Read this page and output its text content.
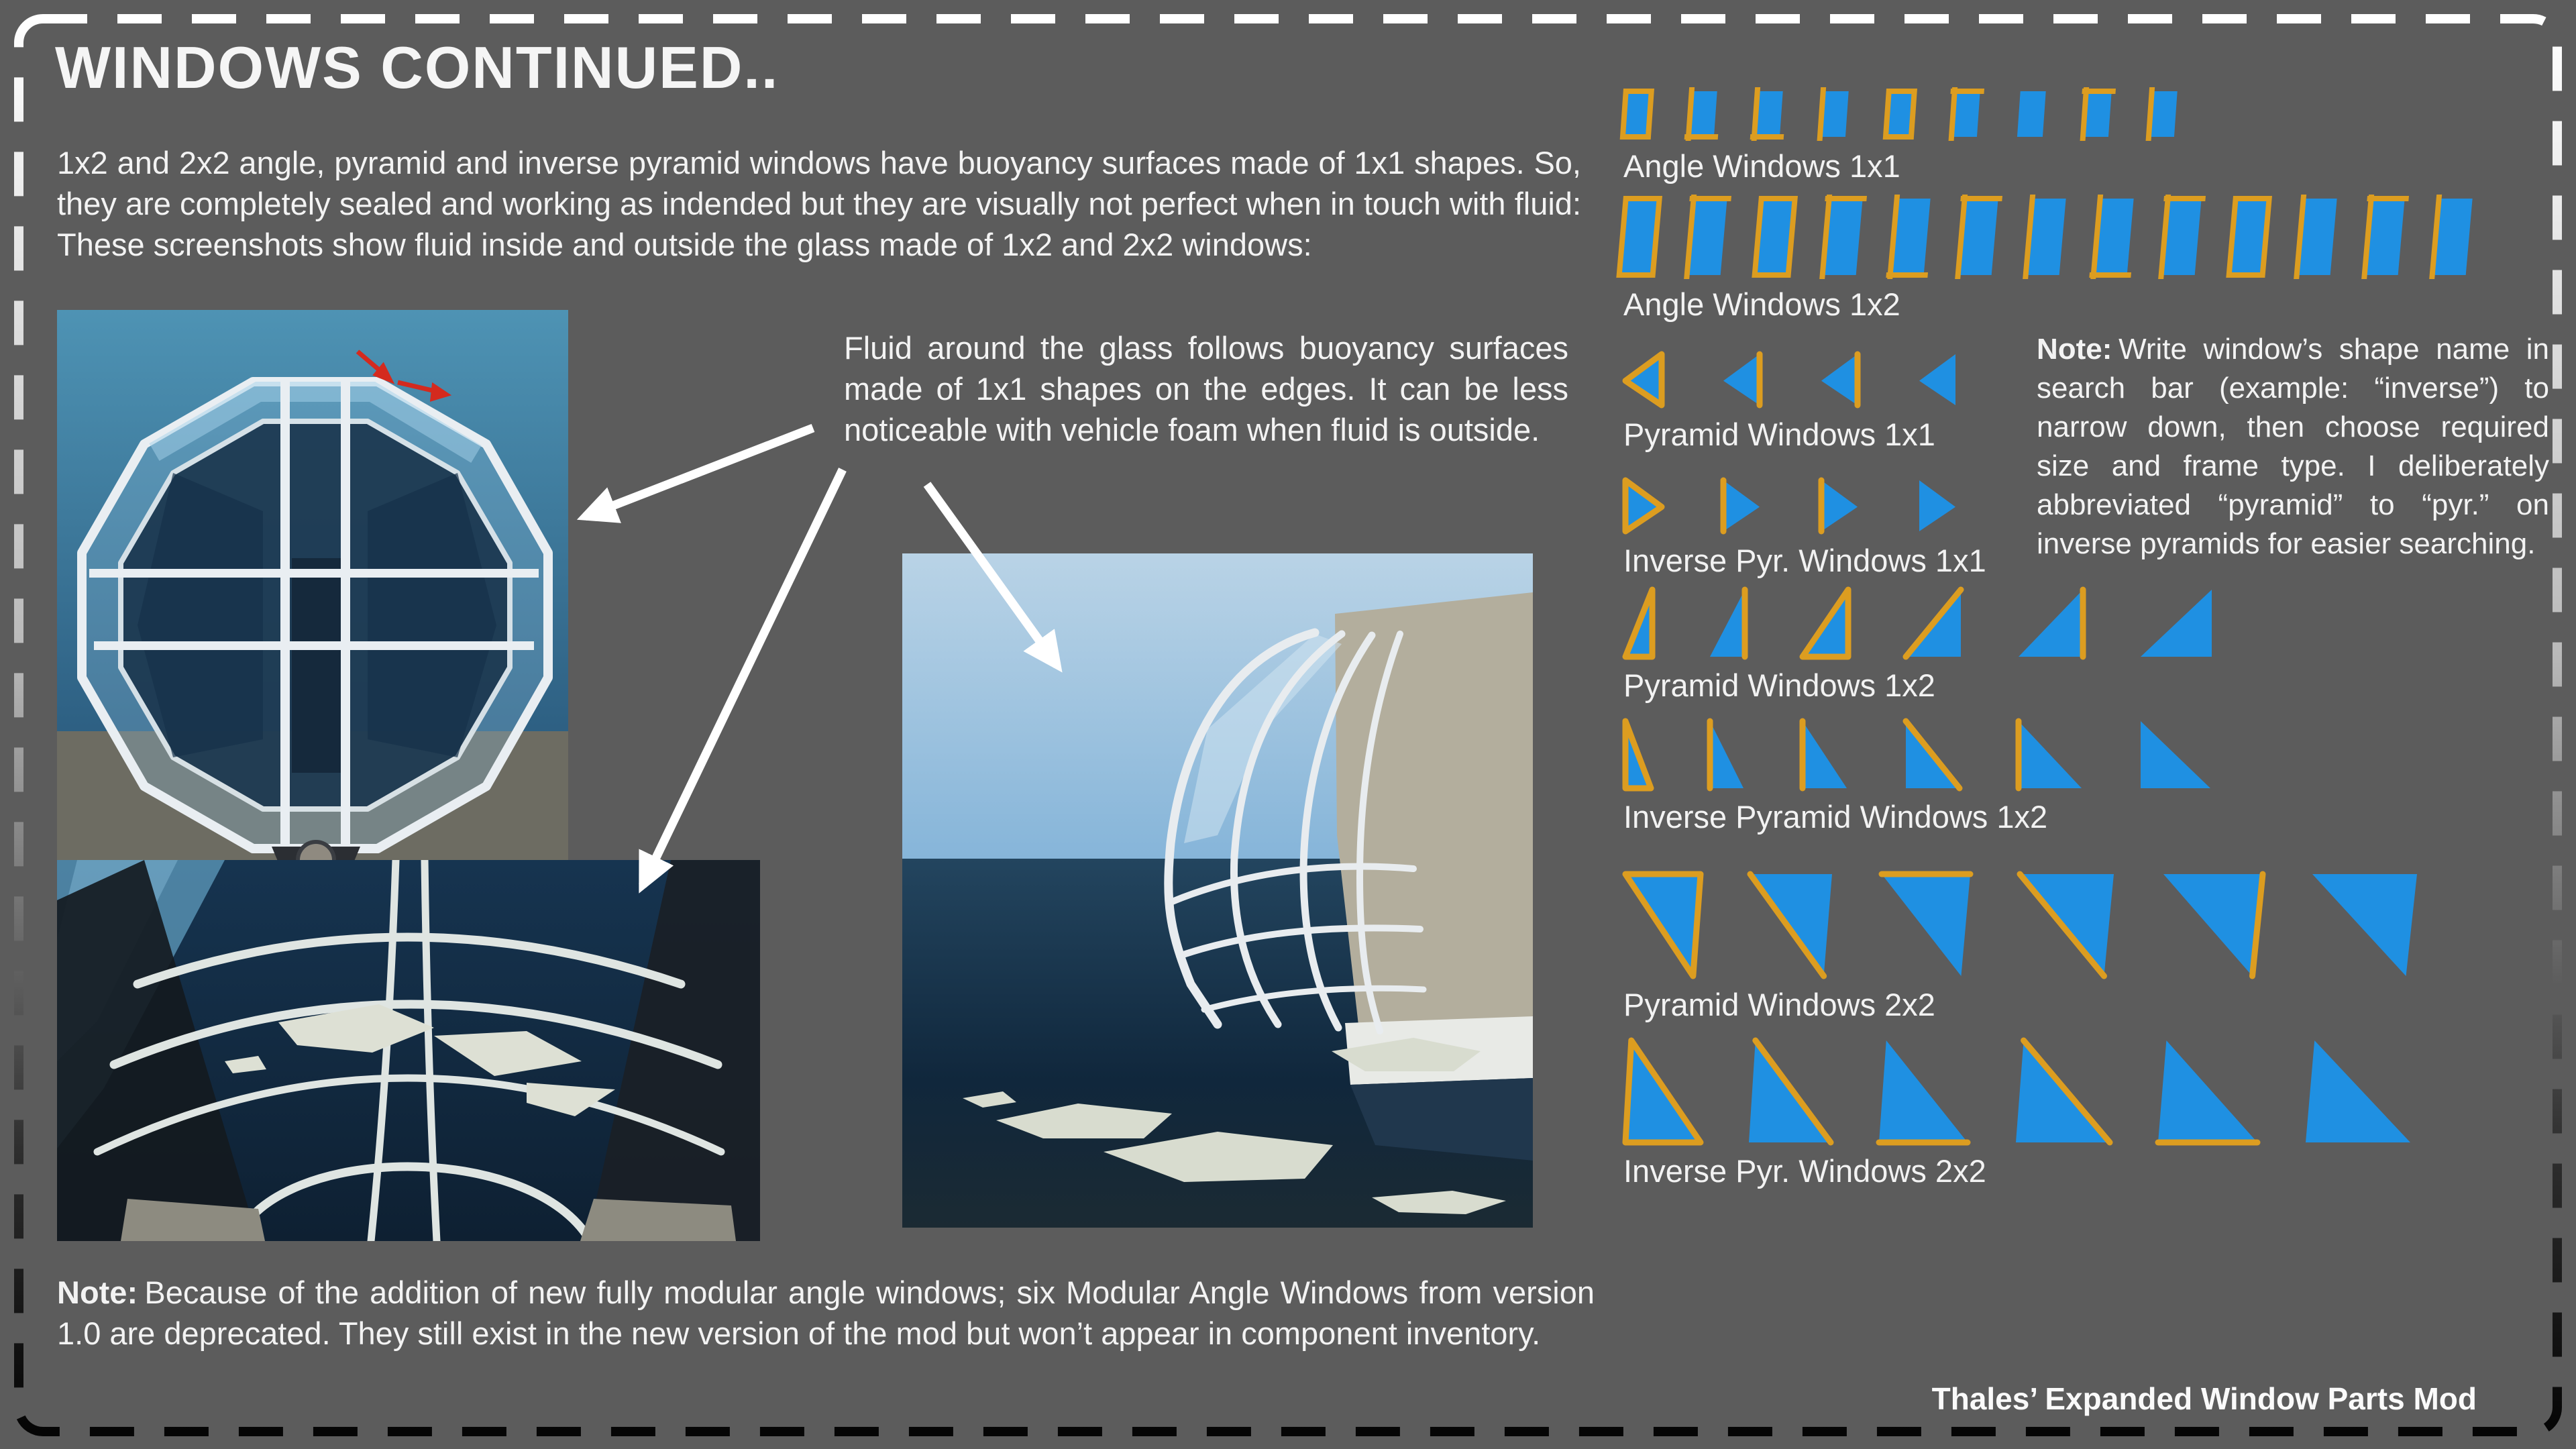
WINDOWS CONTINUED..

1x2 and 2x2 angle, pyramid and inverse pyramid windows have buoyancy surfaces made of 1x1 shapes. So, they are completely sealed and working as indended but they are visually not perfect when in touch with fluid: These screenshots show fluid inside and outside the glass made of 1x2 and 2x2 windows:

Fluid around the glass follows buoyancy surfaces made of 1x1 shapes on the edges. It can be less noticeable with vehicle foam when fluid is outside.

Angle Windows 1x1
Angle Windows 1x2
Pyramid Windows 1x1
Inverse Pyr. Windows 1x1
Pyramid Windows 1x2
Inverse Pyramid Windows 1x2
Pyramid Windows 2x2
Inverse Pyr. Windows 2x2

Note: Write window’s shape name in search bar (example: “inverse”) to narrow down, then choose required size and frame type. I deliberately abbreviated “pyramid” to “pyr.” on inverse pyramids for easier searching.

Note: Because of the addition of new fully modular angle windows; six Modular Angle Windows from version 1.0 are deprecated. They still exist in the new version of the mod but won’t appear in component inventory.

Thales’ Expanded Window Parts Mod
